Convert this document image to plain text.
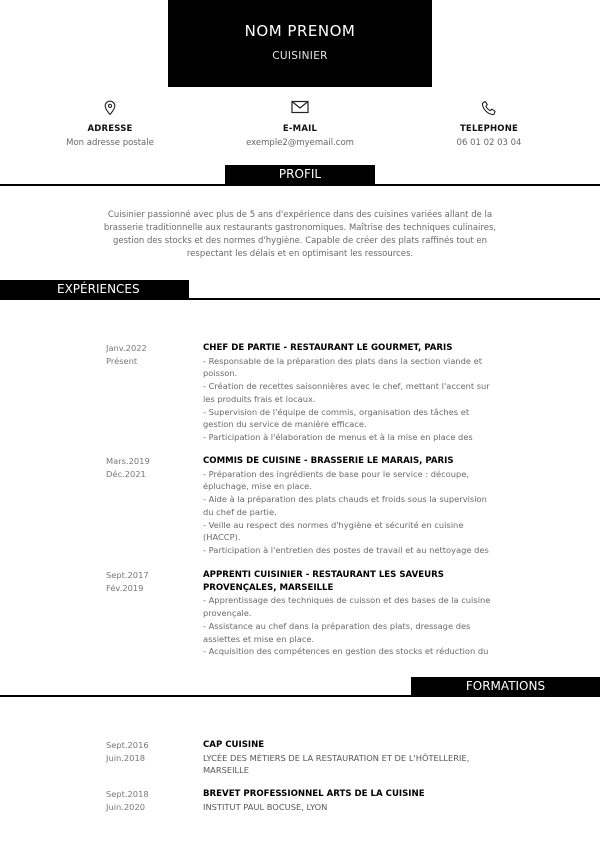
NOM PRENOM
CUISINIER
ADRESSE
Mon adresse postale
E-MAIL
exemple2@myemail.com
TELEPHONE
06 01 02 03 04
PROFIL
Cuisinier passionné avec plus de 5 ans d'expérience dans des cuisines variées allant de la
brasserie traditionnelle aux restaurants gastronomiques. Maîtrise des techniques culinaires,
gestion des stocks et des normes d'hygiène. Capable de créer des plats raffinés tout en
respectant les délais et en optimisant les ressources.
EXPÉRIENCES
Janv.2022
Présent
CHEF DE PARTIE - RESTAURANT LE GOURMET, PARIS
- Responsable de la préparation des plats dans la section viande et
poisson.
- Création de recettes saisonnières avec le chef, mettant l'accent sur
les produits frais et locaux.
- Supervision de l'équipe de commis, organisation des tâches et
gestion du service de manière efficace.
- Participation à l'élaboration de menus et à la mise en place des
Mars.2019
Déc.2021
COMMIS DE CUISINE - BRASSERIE LE MARAIS, PARIS
- Préparation des ingrédients de base pour le service : découpe,
épluchage, mise en place.
- Aide à la préparation des plats chauds et froids sous la supervision
du chef de partie.
- Veille au respect des normes d'hygiène et sécurité en cuisine
(HACCP).
- Participation à l'entretien des postes de travail et au nettoyage des
Sept.2017
Fév.2019
APPRENTI CUISINIER - RESTAURANT LES SAVEURS
PROVENÇALES, MARSEILLE
- Apprentissage des techniques de cuisson et des bases de la cuisine
provençale.
- Assistance au chef dans la préparation des plats, dressage des
assiettes et mise en place.
- Acquisition des compétences en gestion des stocks et réduction du
FORMATIONS
Sept.2016
Juin.2018
CAP CUISINE
LYCÉE DES MÉTIERS DE LA RESTAURATION ET DE L'HÔTELLERIE,
MARSEILLE
Sept.2018
Juin.2020
BREVET PROFESSIONNEL ARTS DE LA CUISINE
INSTITUT PAUL BOCUSE, LYON
